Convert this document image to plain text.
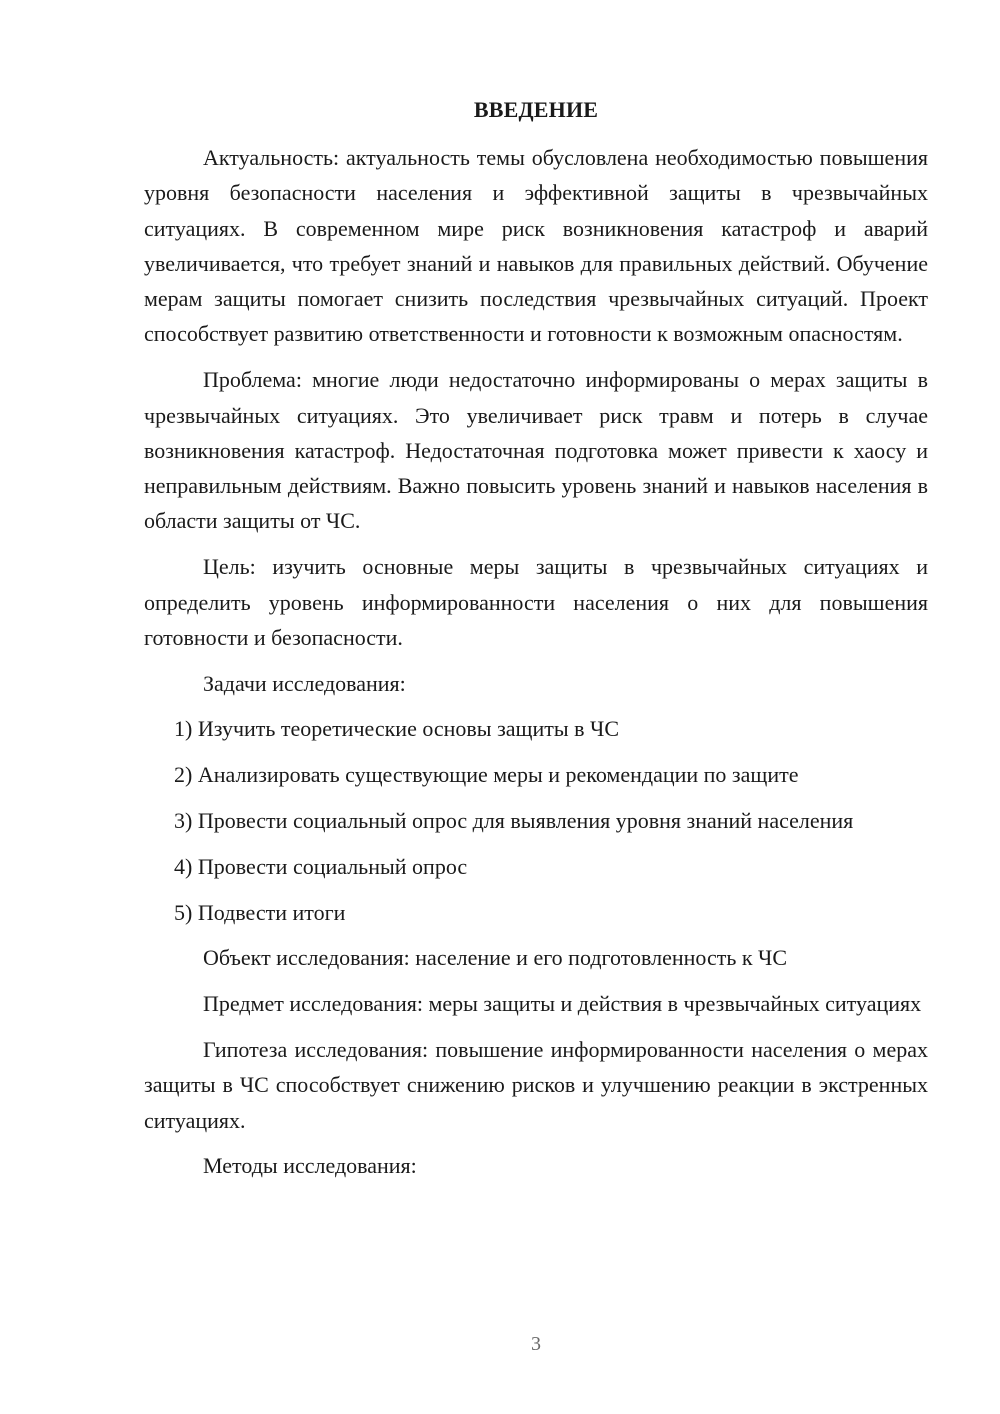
ВВЕДЕНИЕ

Актуальность: актуальность темы обусловлена необходимостью повышения уровня безопасности населения и эффективной защиты в чрезвычайных ситуациях. В современном мире риск возникновения катастроф и аварий увеличивается, что требует знаний и навыков для правильных действий. Обучение мерам защиты помогает снизить последствия чрезвычайных ситуаций. Проект способствует развитию ответственности и готовности к возможным опасностям.

Проблема: многие люди недостаточно информированы о мерах защиты в чрезвычайных ситуациях. Это увеличивает риск травм и потерь в случае возникновения катастроф. Недостаточная подготовка может привести к хаосу и неправильным действиям. Важно повысить уровень знаний и навыков населения в области защиты от ЧС.

Цель: изучить основные меры защиты в чрезвычайных ситуациях и определить уровень информированности населения о них для повышения готовности и безопасности.

Задачи исследования:

1) Изучить теоретические основы защиты в ЧС

2) Анализировать существующие меры и рекомендации по защите

3) Провести социальный опрос для выявления уровня знаний населения

4) Провести социальный опрос

5) Подвести итоги

Объект исследования: население и его подготовленность к ЧС

Предмет исследования: меры защиты и действия в чрезвычайных ситуациях

Гипотеза исследования: повышение информированности населения о мерах защиты в ЧС способствует снижению рисков и улучшению реакции в экстренных ситуациях.

Методы исследования:

3
